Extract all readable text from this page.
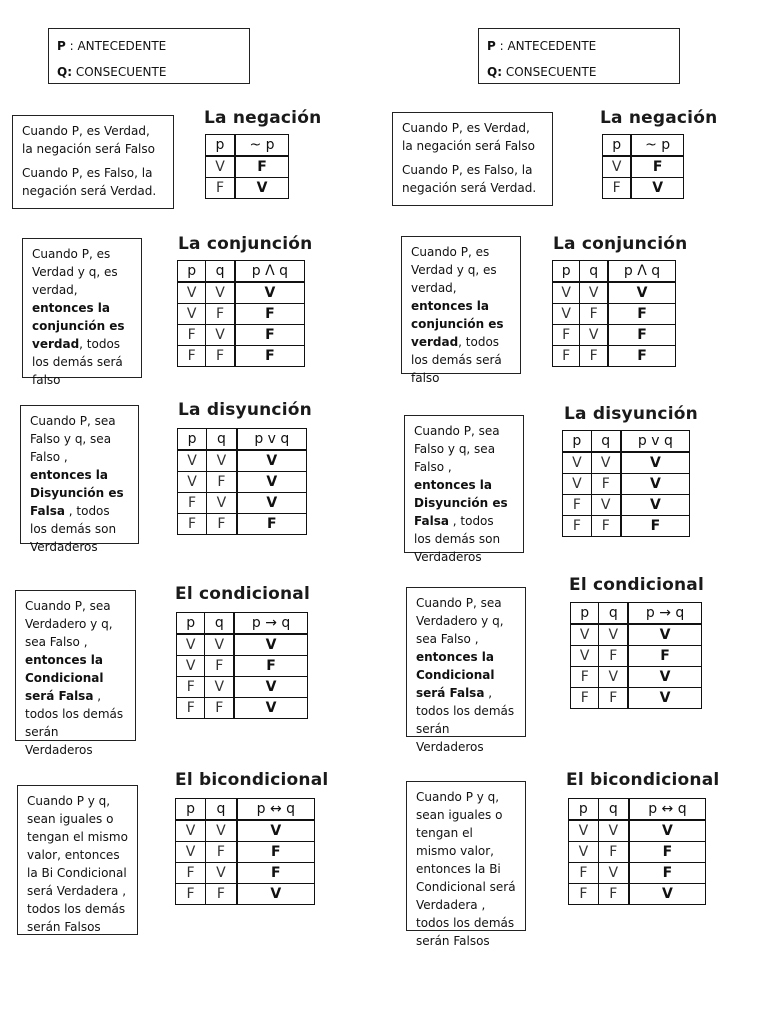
P : ANTECEDENTE
Q: CONSECUENTE

Cuando P, es Verdad, la negación será Falso

Cuando P, es Falso, la negación será Verdad.

La negación
p	~ p
V	F
F	V
Cuando P, es Verdad y q, es verdad, entonces la conjunción es verdad, todos los demás será falso
La conjunción
p	q	p Λ q
V	V	V
V	F	F
F	V	F
F	F	F
Cuando P, sea Falso y q, sea Falso , entonces la Disyunción es Falsa , todos los demás son Verdaderos
La disyunción
p	q	p v q
V	V	V
V	F	V
F	V	V
F	F	F
Cuando P, sea Verdadero y q, sea Falso , entonces la Condicional será Falsa , todos los demás serán Verdaderos
El condicional
p	q	p → q
V	V	V
V	F	F
F	V	V
F	F	V
Cuando P y q, sean iguales o tengan el mismo valor, entonces la Bi Condicional será Verdadera , todos los demás serán Falsos
El bicondicional
p	q	p ↔ q
V	V	V
V	F	F
F	V	F
F	F	V
P : ANTECEDENTE
Q: CONSECUENTE

Cuando P, es Verdad, la negación será Falso

Cuando P, es Falso, la negación será Verdad.

La negación
p	~ p
V	F
F	V
Cuando P, es Verdad y q, es verdad, entonces la conjunción es verdad, todos los demás será falso
La conjunción
p	q	p Λ q
V	V	V
V	F	F
F	V	F
F	F	F
Cuando P, sea Falso y q, sea Falso , entonces la Disyunción es Falsa , todos los demás son Verdaderos
La disyunción
p	q	p v q
V	V	V
V	F	V
F	V	V
F	F	F
Cuando P, sea Verdadero y q, sea Falso , entonces la Condicional será Falsa , todos los demás serán Verdaderos
El condicional
p	q	p → q
V	V	V
V	F	F
F	V	V
F	F	V
Cuando P y q, sean iguales o tengan el mismo valor, entonces la Bi Condicional será Verdadera , todos los demás serán Falsos
El bicondicional
p	q	p ↔ q
V	V	V
V	F	F
F	V	F
F	F	V
